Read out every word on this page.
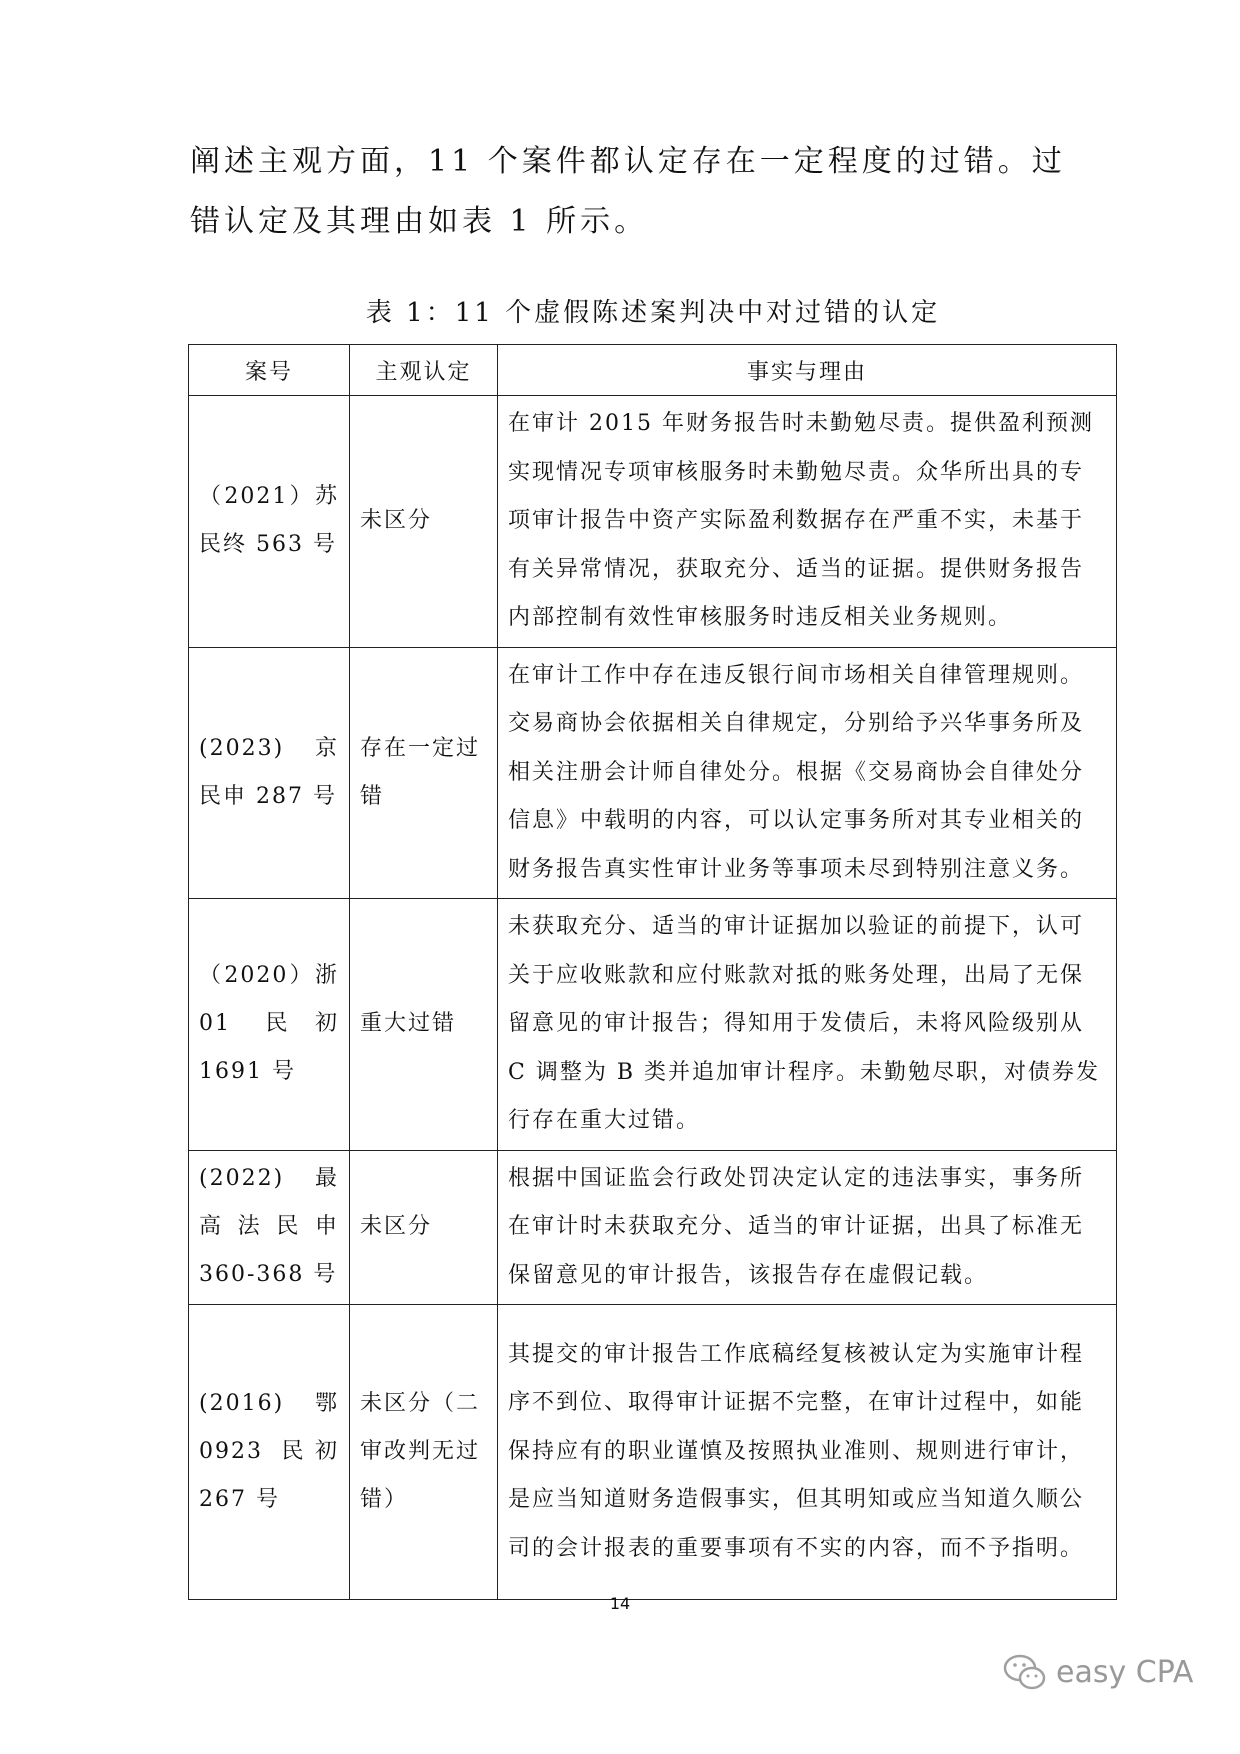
阐述主观方面，11 个案件都认定存在一定程度的过错。过
错认定及其理由如表 1 所示。
表 1：11 个虚假陈述案判决中对过错的认定
案号	主观认定	事实与理由
（2021）苏民终 563 号	未区分	在审计 2015 年财务报告时未勤勉尽责。提供盈利预测实现情况专项审核服务时未勤勉尽责。众华所出具的专项审计报告中资产实际盈利数据存在严重不实，未基于有关异常情况，获取充分、适当的证据。提供财务报告内部控制有效性审核服务时违反相关业务规则。
(2023) 京民申 287 号	存在一定过错	在审计工作中存在违反银行间市场相关自律管理规则。交易商协会依据相关自律规定，分别给予兴华事务所及相关注册会计师自律处分。根据《交易商协会自律处分信息》中载明的内容，可以认定事务所对其专业相关的财务报告真实性审计业务等事项未尽到特别注意义务。
（2020）浙 01 民初 1691 号	重大过错	未获取充分、适当的审计证据加以验证的前提下，认可关于应收账款和应付账款对抵的账务处理，出局了无保留意见的审计报告；得知用于发债后，未将风险级别从 C 调整为 B 类并追加审计程序。未勤勉尽职，对债券发行存在重大过错。
(2022) 最高法民申 360-368 号	未区分	根据中国证监会行政处罚决定认定的违法事实，事务所在审计时未获取充分、适当的审计证据，出具了标准无保留意见的审计报告，该报告存在虚假记载。
(2016) 鄂 0923 民初 267 号	未区分（二审改判无过错）	其提交的审计报告工作底稿经复核被认定为实施审计程序不到位、取得审计证据不完整，在审计过程中，如能保持应有的职业谨慎及按照执业准则、规则进行审计，是应当知道财务造假事实，但其明知或应当知道久顺公司的会计报表的重要事项有不实的内容，而不予指明。
14
easy CPA
